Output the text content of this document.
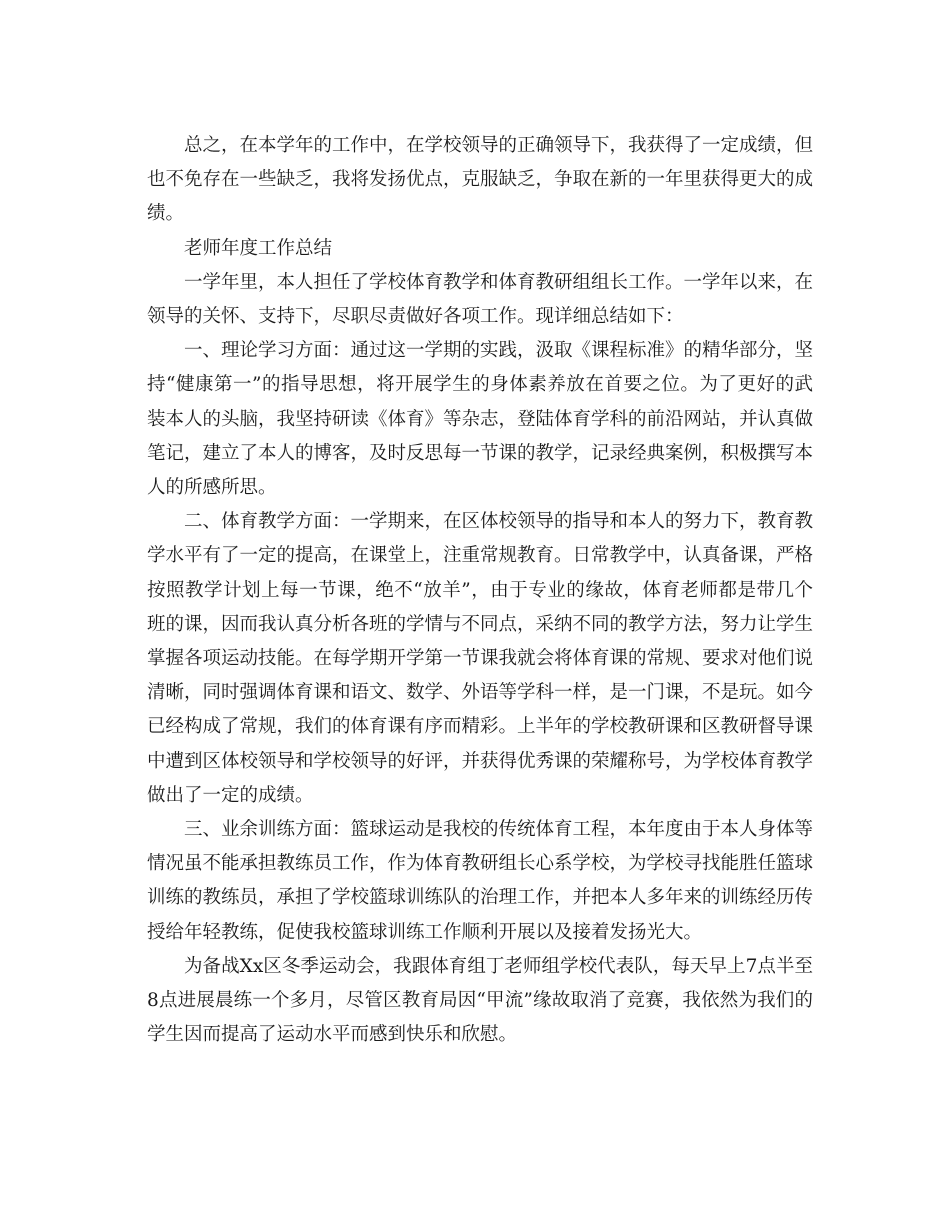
总之，在本学年的工作中，在学校领导的正确领导下，我获得了一定成绩，但也不免存在一些缺乏，我将发扬优点，克服缺乏，争取在新的一年里获得更大的成绩。

老师年度工作总结

一学年里，本人担任了学校体育教学和体育教研组组长工作。一学年以来，在领导的关怀、支持下，尽职尽责做好各项工作。现详细总结如下：

一、理论学习方面：通过这一学期的实践，汲取《课程标准》的精华部分，坚持“健康第一”的指导思想，将开展学生的身体素养放在首要之位。为了更好的武装本人的头脑，我坚持研读《体育》等杂志，登陆体育学科的前沿网站，并认真做笔记，建立了本人的博客，及时反思每一节课的教学，记录经典案例，积极撰写本人的所感所思。

二、体育教学方面：一学期来，在区体校领导的指导和本人的努力下，教育教学水平有了一定的提高，在课堂上，注重常规教育。日常教学中，认真备课，严格按照教学计划上每一节课，绝不“放羊”，由于专业的缘故，体育老师都是带几个班的课，因而我认真分析各班的学情与不同点，采纳不同的教学方法，努力让学生掌握各项运动技能。在每学期开学第一节课我就会将体育课的常规、要求对他们说清晰，同时强调体育课和语文、数学、外语等学科一样，是一门课，不是玩。如今已经构成了常规，我们的体育课有序而精彩。上半年的学校教研课和区教研督导课中遭到区体校领导和学校领导的好评，并获得优秀课的荣耀称号，为学校体育教学做出了一定的成绩。

三、业余训练方面：篮球运动是我校的传统体育工程，本年度由于本人身体等情况虽不能承担教练员工作，作为体育教研组长心系学校，为学校寻找能胜任篮球训练的教练员，承担了学校篮球训练队的治理工作，并把本人多年来的训练经历传授给年轻教练，促使我校篮球训练工作顺利开展以及接着发扬光大。

为备战Xx区冬季运动会，我跟体育组丁老师组学校代表队，每天早上7点半至8点进展晨练一个多月，尽管区教育局因“甲流”缘故取消了竞赛，我依然为我们的学生因而提高了运动水平而感到快乐和欣慰。
